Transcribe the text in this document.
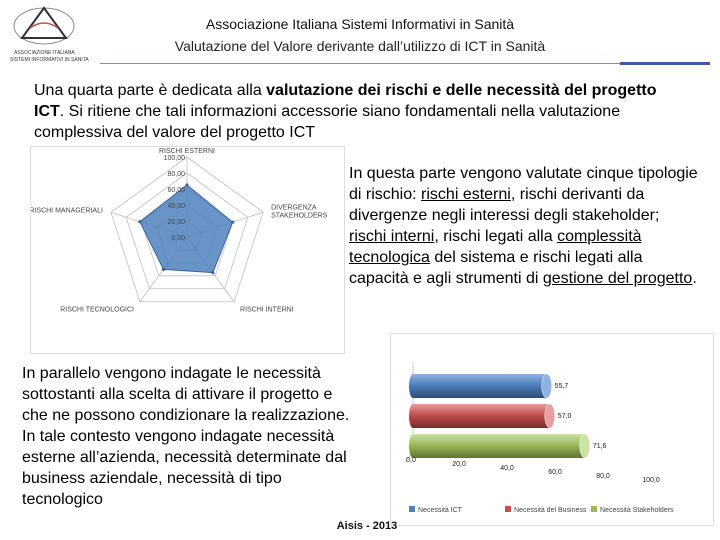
ASSOCIAZIONE ITALIANA
SISTEMI INFORMATIVI IN SANITA
Associazione Italiana Sistemi Informativi in Sanità
Valutazione del Valore derivante dall’utilizzo di ICT in Sanità
Una quarta parte è dedicata alla valutazione dei rischi e delle necessità del progetto ICT. Si ritiene che tali informazioni accessorie siano fondamentali nella valutazione complessiva del valore del progetto ICT
0,00
20,00
40,00
60,00
80,00
100,00
RISCHI ESTERNI
DIVERGENZA
STAKEHOLDERS
RISCHI INTERNI
RISCHI TECNOLOGICI
RISCHI MANAGERIALI
In questa parte vengono valutate cinque tipologie di rischio: rischi esterni, rischi derivanti da divergenze negli interessi degli stakeholder; rischi interni, rischi legati alla complessità tecnologica del sistema e rischi legati alla capacità e agli strumenti di gestione del progetto.
In parallelo vengono indagate le necessità sottostanti alla scelta di attivare il progetto e che ne possono condizionare la realizzazione. In tale contesto vengono indagate necessità esterne all’azienda, necessità determinate dal business aziendale, necessità di tipo tecnologico
55,7
57,0
71,6
0,0
20,0
40,0
60,0
80,0
100,0
Necessità ICT	Necessità del Business Necessità Stakeholders
Aisis - 2013
